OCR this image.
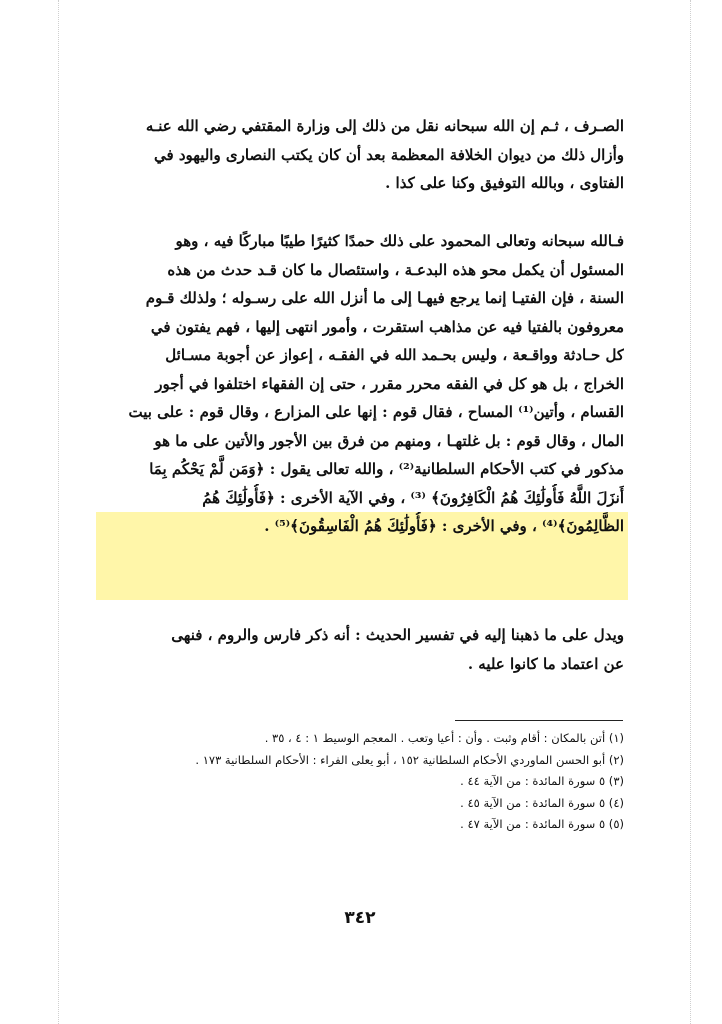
الصـرف ، ثـم إن الله سبحانه نقل من ذلك إلى وزارة المقتفي رضي الله عنـه
وأزال ذلك من ديوان الخلافة المعظمة بعد أن كان يكتب النصارى واليهود في
الفتاوى ، وبالله التوفيق وكنا على كذا .
فـالله سبحانه وتعالى المحمود على ذلك حمدًا كثيرًا طيبًا مباركًا فيه ، وهو
المسئول أن يكمل محو هذه البدعـة ، واستئصال ما كان قـد حدث من هذه
السنة ، فإن الفتيـا إنما يرجع فيهـا إلى ما أنزل الله على رسـوله ؛ ولذلك قـوم
معروفون بالفتيا فيه عن مذاهب استقرت ، وأمور انتهى إليها ، فهم يفتون في
كل حـادثة وواقـعة ، وليس بحـمد الله في الفقـه ، إعواز عن أجوبة مسـائل
الخراج ، بل هو كل في الفقه محرر مقرر ، حتى إن الفقهاء اختلفوا في أجور
القسام ، وأتين⁽¹⁾ المساح ، فقال قوم : إنها على المزارع ، وقال قوم : على بيت
المال ، وقال قوم : بل غلتهـا ، ومنهم من فرق بين الأجور والأتين على ما هو
مذكور في كتب الأحكام السلطانية⁽²⁾ ، والله تعالى يقول : ﴿وَمَن لَّمْ يَحْكُم بِمَا
أَنزَلَ اللَّهُ فَأُولَٰئِكَ هُمُ الْكَافِرُونَ﴾ ⁽³⁾ ، وفي الآية الأخرى : ﴿فَأُولَٰئِكَ هُمُ
الظَّالِمُونَ﴾⁽⁴⁾ ، وفي الأخرى : ﴿فَأُولَٰئِكَ هُمُ الْفَاسِقُونَ﴾⁽⁵⁾ .
ويدل على ما ذهبنا إليه في تفسير الحديث : أنه ذكر فارس والروم ، فنهى
عن اعتماد ما كانوا عليه .
(١) أتن بالمكان : أقام وثبت . وأن : أعيا وتعب . المعجم الوسيط ١ : ٤ ، ٣٥ .
(٢) أبو الحسن الماوردي الأحكام السلطانية ١٥٢ ، أبو يعلى الفراء : الأحكام السلطانية ١٧٣ .
(٣) ٥ سورة المائدة : من الآية ٤٤ .
(٤) ٥ سورة المائدة : من الآية ٤٥ .
(٥) ٥ سورة المائدة : من الآية ٤٧ .
٣٤٢
